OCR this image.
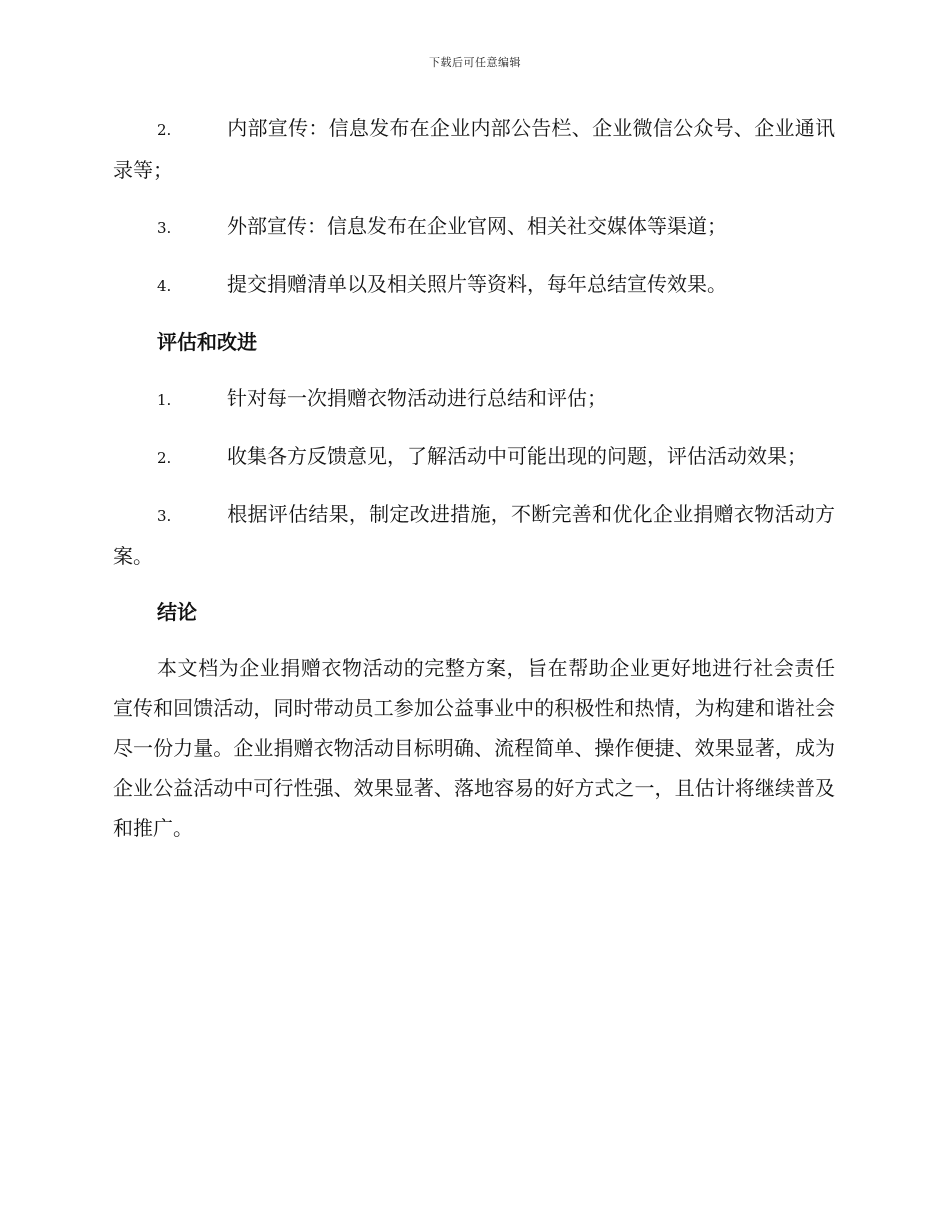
下载后可任意编辑
2.	内部宣传：信息发布在企业内部公告栏、企业微信公众号、企业通讯录等；
3.	外部宣传：信息发布在企业官网、相关社交媒体等渠道；
4.	提交捐赠清单以及相关照片等资料，每年总结宣传效果。
评估和改进
1.	针对每一次捐赠衣物活动进行总结和评估；
2.	收集各方反馈意见，了解活动中可能出现的问题，评估活动效果；
3.	根据评估结果，制定改进措施，不断完善和优化企业捐赠衣物活动方案。
结论
本文档为企业捐赠衣物活动的完整方案，旨在帮助企业更好地进行社会责任宣传和回馈活动，同时带动员工参加公益事业中的积极性和热情，为构建和谐社会尽一份力量。企业捐赠衣物活动目标明确、流程简单、操作便捷、效果显著，成为企业公益活动中可行性强、效果显著、落地容易的好方式之一，且估计将继续普及和推广。
